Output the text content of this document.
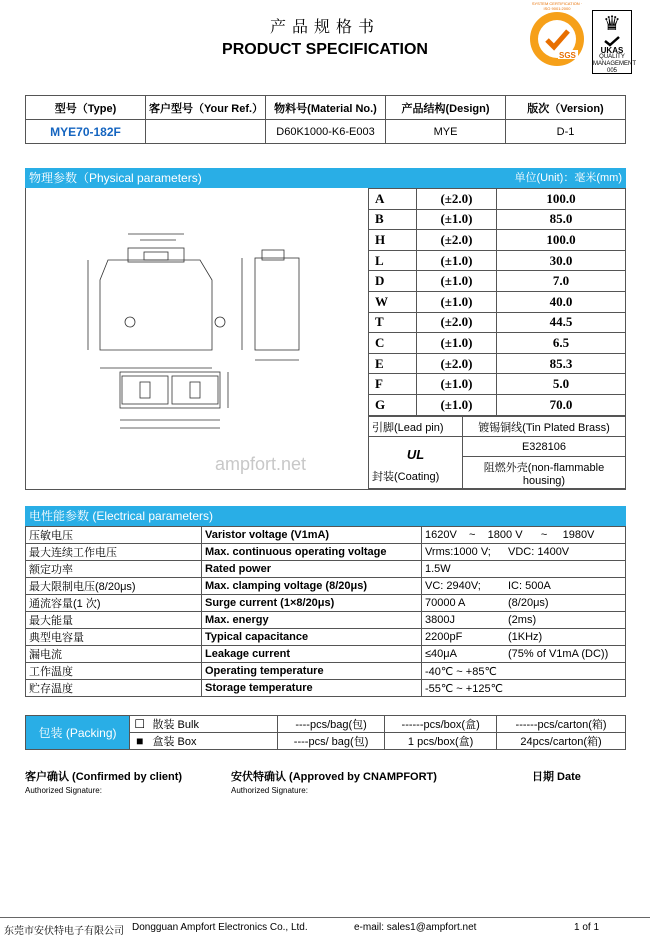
产品规格书
PRODUCT SPECIFICATION	SGS
SYSTEM CERTIFICATION · ISO 9001:2000
♛
UKAS
QUALITY
MANAGEMENT
005
型号（Type)	客户型号（Your Ref.）	物料号(Material No.)	产品结构(Design)	版次（Version)
MYE70-182F		D60K1000-K6-E003	MYE	D-1
物理参数（Physical parameters)	单位(Unit)：毫米(mm)
A	(±2.0)	100.0
B	(±1.0)	85.0
H	(±2.0)	100.0
L	(±1.0)	30.0
D	(±1.0)	7.0
W	(±1.0)	40.0
T	(±2.0)	44.5
C	(±1.0)	6.5
E	(±2.0)	85.3
F	(±1.0)	5.0
G	(±1.0)	70.0
引脚(Lead pin)	镀锡铜线(Tin Plated Brass)

UL
封装(Coating)	E328106
	阻燃外壳(non-flammable housing)
ampfort.net
电性能参数 (Electrical parameters)
压敏电压	Varistor voltage (V1mA)	1620V    ~    1800 V      ~     1980V

最大连续工作电压	Max. continuous operating voltage	Vrms:1000 V; VDC: 1400V

额定功率	Rated power	1.5W

最大限制电压(8/20μs)	Max. clamping voltage (8/20μs)	VC: 2940V; IC: 500A

通流容量(1 次)	Surge current (1×8/20μs)	70000 A (8/20μs)

最大能量	Max. energy	3800J (2ms)

典型电容量	Typical capacitance	2200pF (1KHz)

漏电流	Leakage current	≤40μA (75% of V1mA (DC))

工作温度	Operating temperature	-40℃ ~ +85℃

贮存温度	Storage temperature	-55℃ ~ +125℃
包装 (Packing)	☐	散装 Bulk	----pcs/bag(包)	------pcs/box(盒)	------pcs/carton(箱)
	■	盒装 Box	----pcs/ bag(包)	1 pcs/box(盒)	24pcs/carton(箱)
客户确认 (Confirmed by client)
Authorized Signature:
安伏特确认 (Approved by CNAMPFORT)
Authorized Signature:
日期 Date
东莞市安伏特电子有限公司 Dongguan Ampfort Electronics Co., Ltd.	e-mail: sales1@ampfort.net	1 of 1
